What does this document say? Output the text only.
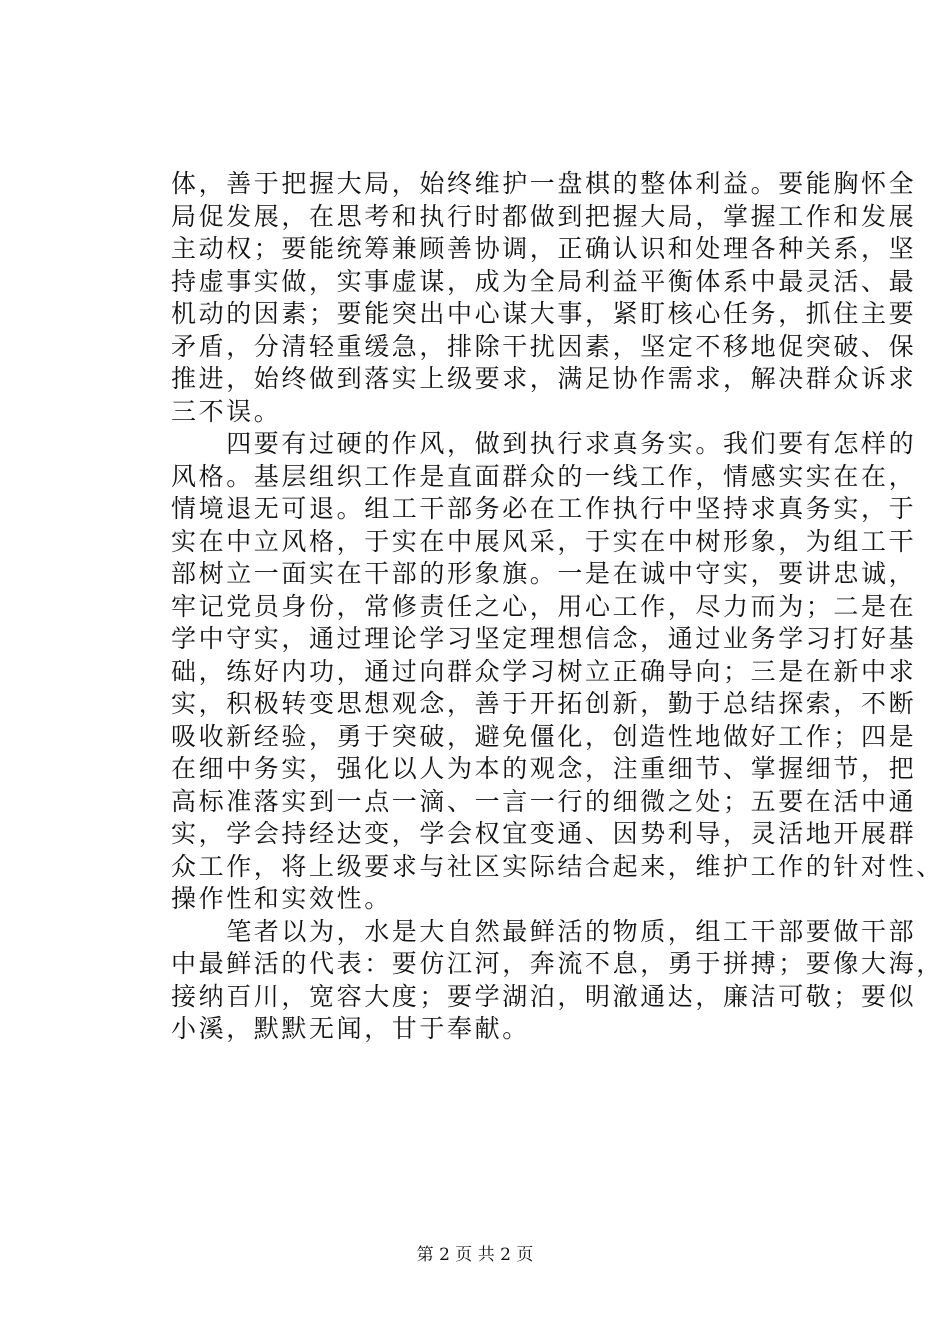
体，善于把握大局，始终维护一盘棋的整体利益。要能胸怀全
局促发展，在思考和执行时都做到把握大局，掌握工作和发展
主动权；要能统筹兼顾善协调，正确认识和处理各种关系，坚
持虚事实做，实事虚谋，成为全局利益平衡体系中最灵活、最
机动的因素；要能突出中心谋大事，紧盯核心任务，抓住主要
矛盾，分清轻重缓急，排除干扰因素，坚定不移地促突破、保
推进，始终做到落实上级要求，满足协作需求，解决群众诉求
三不误。
　　四要有过硬的作风，做到执行求真务实。我们要有怎样的
风格。基层组织工作是直面群众的一线工作，情感实实在在，
情境退无可退。组工干部务必在工作执行中坚持求真务实，于
实在中立风格，于实在中展风采，于实在中树形象，为组工干
部树立一面实在干部的形象旗。一是在诚中守实，要讲忠诚，
牢记党员身份，常修责任之心，用心工作，尽力而为；二是在
学中守实，通过理论学习坚定理想信念，通过业务学习打好基
础，练好内功，通过向群众学习树立正确导向；三是在新中求
实，积极转变思想观念，善于开拓创新，勤于总结探索，不断
吸收新经验，勇于突破，避免僵化，创造性地做好工作；四是
在细中务实，强化以人为本的观念，注重细节、掌握细节，把
高标准落实到一点一滴、一言一行的细微之处；五要在活中通
实，学会持经达变，学会权宜变通、因势利导，灵活地开展群
众工作，将上级要求与社区实际结合起来，维护工作的针对性、
操作性和实效性。
　　笔者以为，水是大自然最鲜活的物质，组工干部要做干部
中最鲜活的代表：要仿江河，奔流不息，勇于拼搏；要像大海，
接纳百川，宽容大度；要学湖泊，明澈通达，廉洁可敬；要似
小溪，默默无闻，甘于奉献。
第 2 页 共 2 页
